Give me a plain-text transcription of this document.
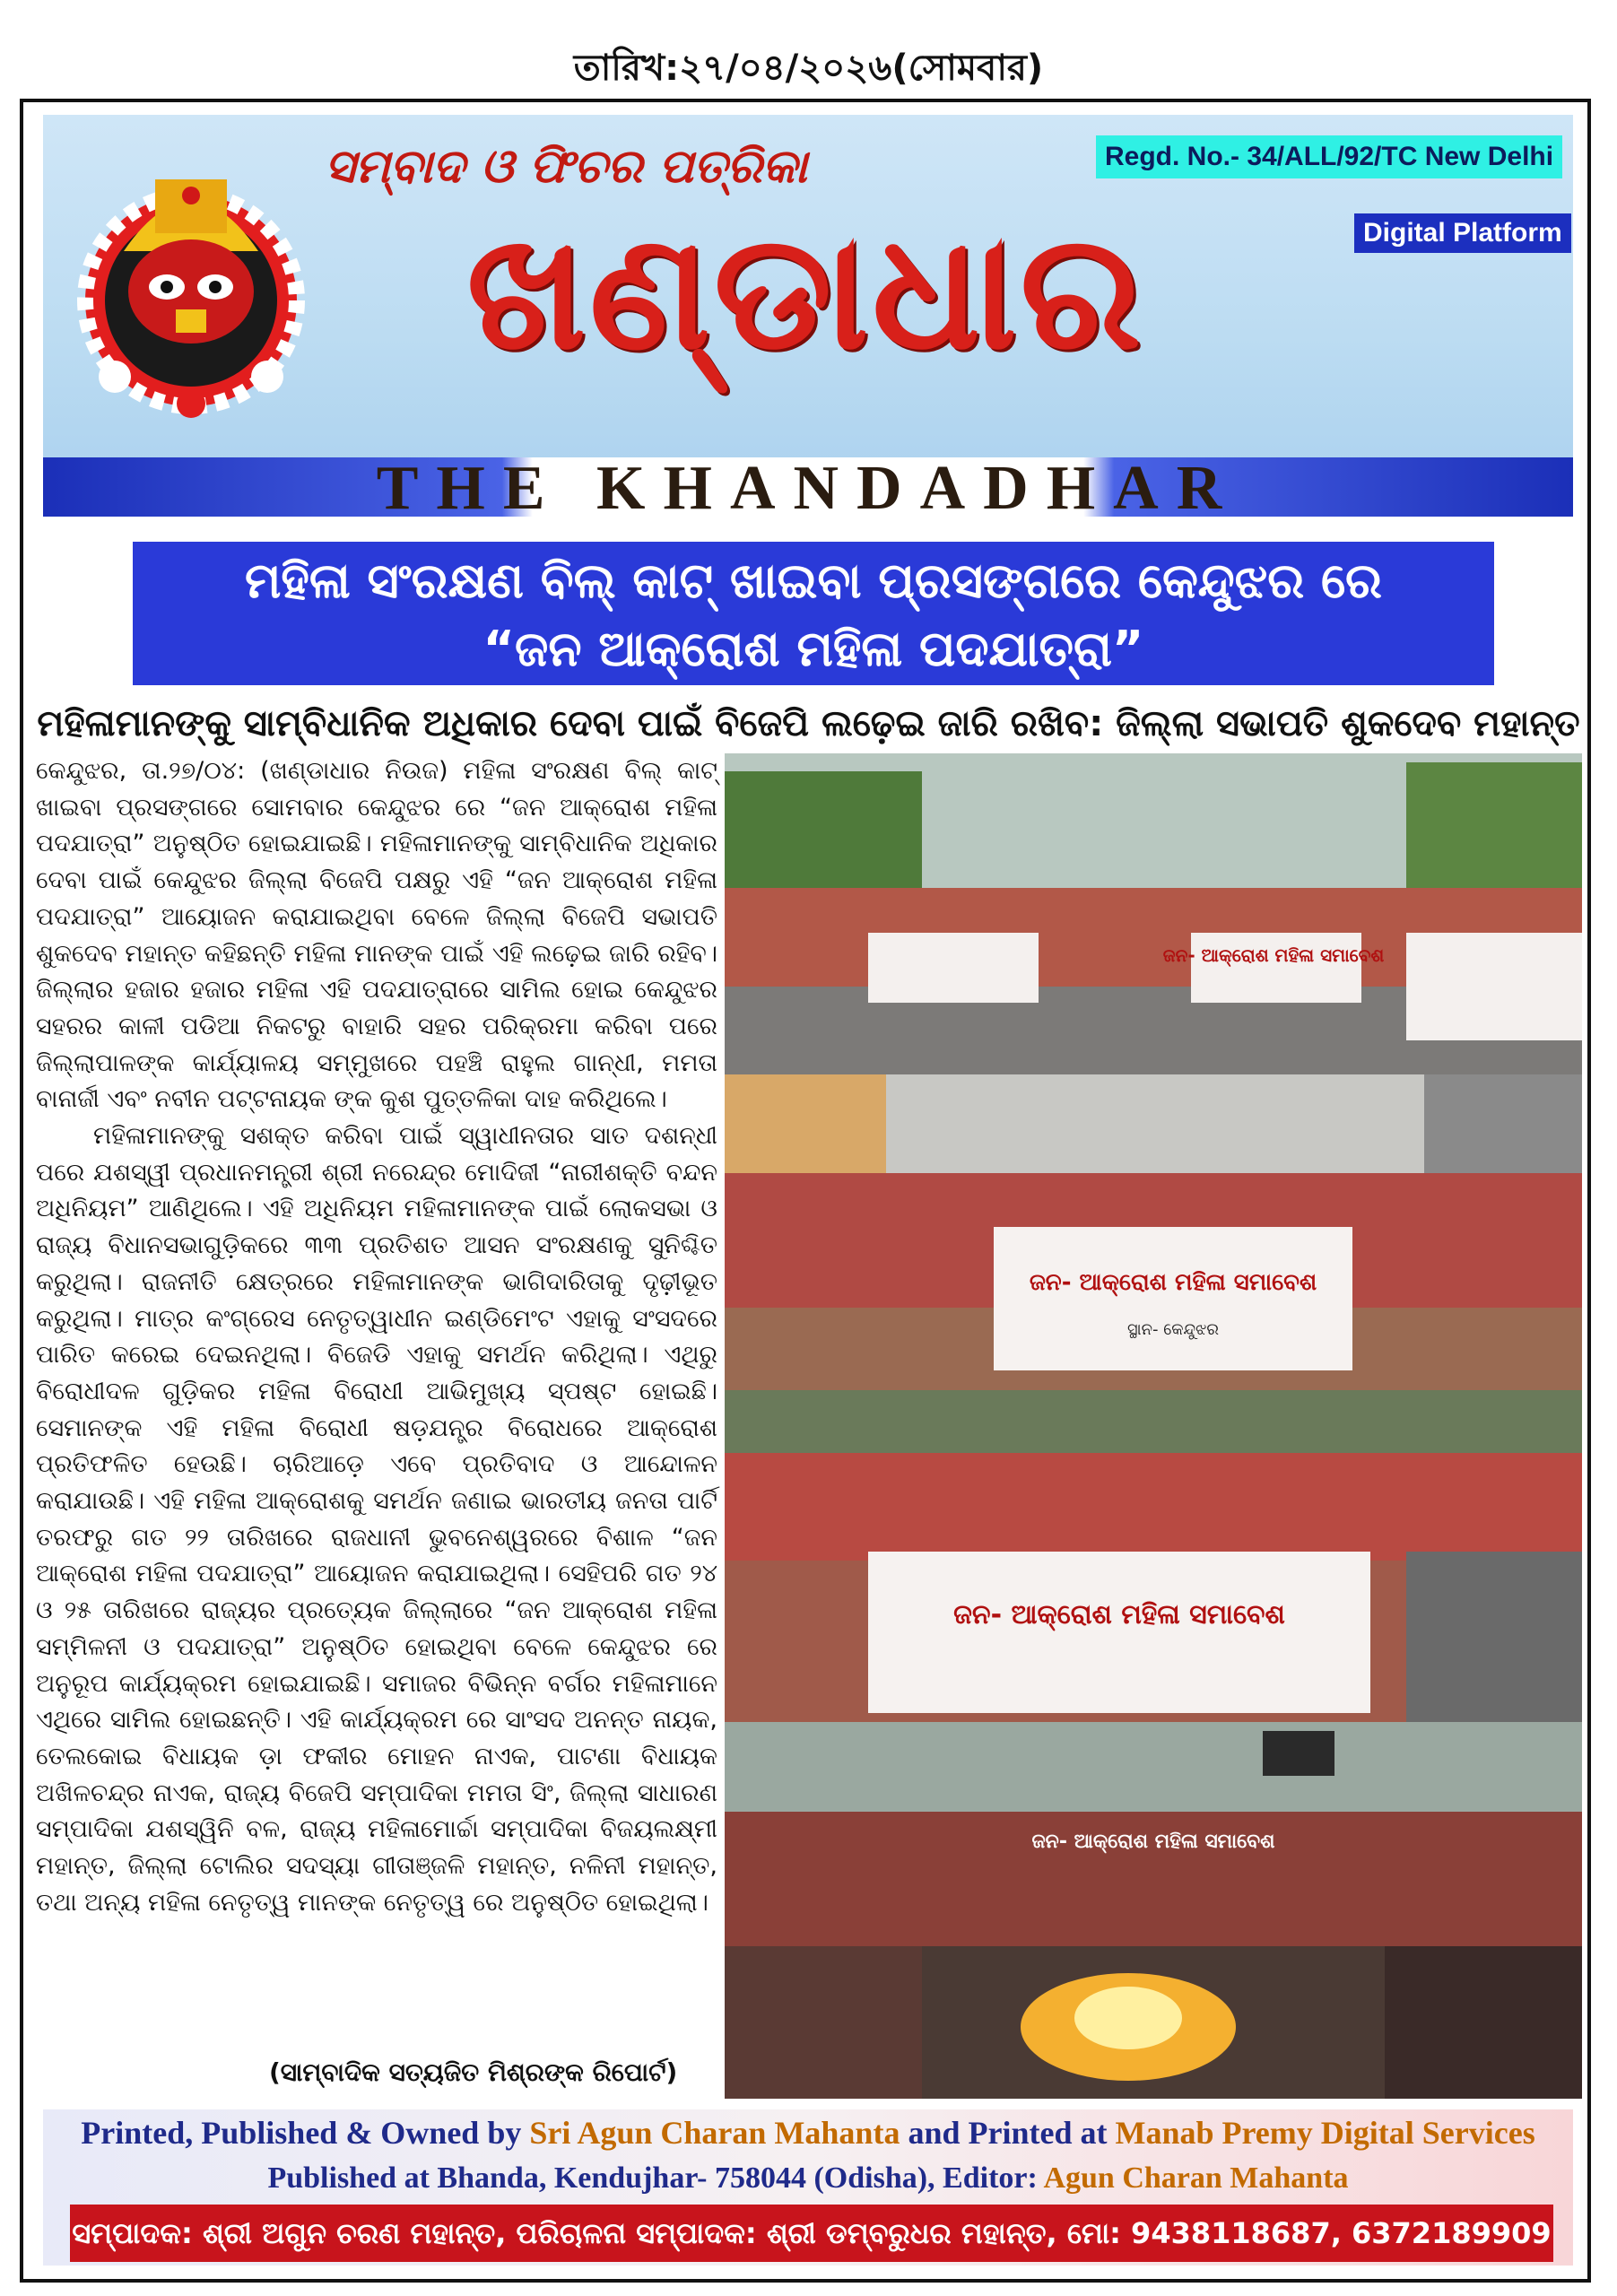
তারিখ:২৭/০৪/২০২৬(সোমবার)
ସମ୍ବାଦ ଓ ଫିଚର ପତ୍ରିକା
ଖଣ୍ଡାଧାର
Regd. No.- 34/ALL/92/TC New Delhi
Digital Platform
THE KHANDADHAR
ମହିଳା ସଂରକ୍ଷଣ ବିଲ୍ କାଟ୍ ଖାଇବା ପ୍ରସଙ୍ଗରେ କେନ୍ଦୁଝର ରେ
“ଜନ ଆକ୍ରୋଶ ମହିଳା ପଦଯାତ୍ରା”
ମହିଳାମାନଙ୍କୁ ସାମ୍ବିଧାନିକ ଅଧିକାର ଦେବା ପାଇଁ ବିଜେପି ଲଢ଼େଇ ଜାରି ରଖିବ: ଜିଲ୍ଲା ସଭାପତି ଶୁକଦେବ ମହାନ୍ତ

କେନ୍ଦୁଝର, ତା.୨୭/୦୪: (ଖଣ୍ଡାଧାର ନିଉଜ) ମହିଳା ସଂରକ୍ଷଣ ବିଲ୍ କାଟ୍ ଖାଇବା ପ୍ରସଙ୍ଗରେ ସୋମବାର କେନ୍ଦୁଝର ରେ “ଜନ ଆକ୍ରୋଶ ମହିଳା ପଦଯାତ୍ରା” ଅନୁଷ୍ଠିତ ହୋଇଯାଇଛି। ମହିଳାମାନଙ୍କୁ ସାମ୍ବିଧାନିକ ଅଧିକାର ଦେବା ପାଇଁ କେନ୍ଦୁଝର ଜିଲ୍ଲା ବିଜେପି ପକ୍ଷରୁ ଏହି “ଜନ ଆକ୍ରୋଶ ମହିଳା ପଦଯାତ୍ରା” ଆୟୋଜନ କରାଯାଇଥିବା ବେଳେ ଜିଲ୍ଲା ବିଜେପି ସଭାପତି ଶୁକଦେବ ମହାନ୍ତ କହିଛନ୍ତି ମହିଳା ମାନଙ୍କ ପାଇଁ ଏହି ଲଢ଼େଇ ଜାରି ରହିବ। ଜିଲ୍ଲାର ହଜାର ହଜାର ମହିଳା ଏହି ପଦଯାତ୍ରାରେ ସାମିଲ ହୋଇ କେନ୍ଦୁଝର ସହରର କାଳୀ ପଡିଆ ନିକଟରୁ ବାହାରି ସହର ପରିକ୍ରମା କରିବା ପରେ ଜିଲ୍ଲାପାଳଙ୍କ କାର୍ଯ୍ୟାଳୟ ସମ୍ମୁଖରେ ପହଞ୍ଚି ରାହୁଲ ଗାନ୍ଧୀ, ମମତା ବାନାର୍ଜୀ ଏବଂ ନବୀନ ପଟ୍ଟନାୟକ ଙ୍କ କୁଶ ପୁତ୍ତଳିକା ଦାହ କରିଥିଲେ।

ମହିଳାମାନଙ୍କୁ ସଶକ୍ତ କରିବା ପାଇଁ ସ୍ୱାଧୀନତାର ସାତ ଦଶନ୍ଧୀ ପରେ ଯଶସ୍ୱୀ ପ୍ରଧାନମନ୍ତ୍ରୀ ଶ୍ରୀ ନରେନ୍ଦ୍ର ମୋଦିଜୀ “ନାରୀଶକ୍ତି ବନ୍ଦନ ଅଧିନିୟମ” ଆଣିଥିଲେ। ଏହି ଅଧିନିୟମ ମହିଳାମାନଙ୍କ ପାଇଁ ଲୋକସଭା ଓ ରାଜ୍ୟ ବିଧାନସଭାଗୁଡ଼ିକରେ ୩୩ ପ୍ରତିଶତ ଆସନ ସଂରକ୍ଷଣକୁ ସୁନିଶ୍ଚିତ କରୁଥିଲା। ରାଜନୀତି କ୍ଷେତ୍ରରେ ମହିଳାମାନଙ୍କ ଭାଗିଦାରିତାକୁ ଦୃଢ଼ୀଭୂତ କରୁଥିଲା। ମାତ୍ର କଂଗ୍ରେସ ନେତୃତ୍ୱାଧୀନ ଇଣ୍ଡିମେଂଟ ଏହାକୁ ସଂସଦରେ ପାରିତ କରେଇ ଦେଇନଥିଲା। ବିଜେଡି ଏହାକୁ ସମର୍ଥନ କରିଥିଲା। ଏଥିରୁ ବିରୋଧୀଦଳ ଗୁଡ଼ିକର ମହିଳା ବିରୋଧୀ ଆଭିମୁଖ୍ୟ ସ୍ପଷ୍ଟ ହୋଇଛି। ସେମାନଙ୍କ ଏହି ମହିଳା ବିରୋଧୀ ଷଡ଼ଯନ୍ତ୍ର ବିରୋଧରେ ଆକ୍ରୋଶ ପ୍ରତିଫଳିତ ହେଉଛି। ଚାରିଆଡ଼େ ଏବେ ପ୍ରତିବାଦ ଓ ଆନ୍ଦୋଳନ କରାଯାଉଛି। ଏହି ମହିଳା ଆକ୍ରୋଶକୁ ସମର୍ଥନ ଜଣାଇ ଭାରତୀୟ ଜନତା ପାର୍ଟି ତରଫରୁ ଗତ ୨୨ ତାରିଖରେ ରାଜଧାନୀ ଭୁବନେଶ୍ୱରରେ ବିଶାଳ “ଜନ ଆକ୍ରୋଶ ମହିଳା ପଦଯାତ୍ରା” ଆୟୋଜନ କରାଯାଇଥିଲା। ସେହିପରି ଗତ ୨୪ ଓ ୨୫ ତାରିଖରେ ରାଜ୍ୟର ପ୍ରତ୍ୟେକ ଜିଲ୍ଲାରେ “ଜନ ଆକ୍ରୋଶ ମହିଳା ସମ୍ମିଳନୀ ଓ ପଦଯାତ୍ରା” ଅନୁଷ୍ଠିତ ହୋଇଥିବା ବେଳେ କେନ୍ଦୁଝର ରେ ଅନୁରୂପ କାର୍ଯ୍ୟକ୍ରମ ହୋଇଯାଇଛି। ସମାଜର ବିଭିନ୍ନ ବର୍ଗର ମହିଳାମାନେ ଏଥିରେ ସାମିଲ ହୋଇଛନ୍ତି। ଏହି କାର୍ଯ୍ୟକ୍ରମ ରେ ସାଂସଦ ଅନନ୍ତ ନାୟକ, ତେଲକୋଇ ବିଧାୟକ ଡ଼ା ଫକୀର ମୋହନ ନାଏକ, ପାଟଣା ବିଧାୟକ ଅଖିଳଚନ୍ଦ୍ର ନାଏକ, ରାଜ୍ୟ ବିଜେପି ସମ୍ପାଦିକା ମମତା ସିଂ, ଜିଲ୍ଲା ସାଧାରଣ ସମ୍ପାଦିକା ଯଶସ୍ୱିନି ବଳ, ରାଜ୍ୟ ମହିଳାମୋର୍ଚ୍ଚା ସମ୍ପାଦିକା ବିଜୟଲକ୍ଷ୍ମୀ ମହାନ୍ତ, ଜିଲ୍ଲା ଟୋଲିର ସଦସ୍ୟା ଗୀତାଞ୍ଜଳି ମହାନ୍ତ, ନଳିନୀ ମହାନ୍ତ, ତଥା ଅନ୍ୟ ମହିଳା ନେତୃତ୍ୱ ମାନଙ୍କ ନେତୃତ୍ୱ ରେ ଅନୁଷ୍ଠିତ ହୋଇଥିଲା।

(ସାମ୍ବାଦିକ ସତ୍ୟଜିତ ମିଶ୍ରଙ୍କ ରିପୋର୍ଟ)
ଜନ- ଆକ୍ରୋଶ ମହିଳା ସମାବେଶ
ଜନ- ଆକ୍ରୋଶ ମହିଳା ସମାବେଶ
ସ୍ଥାନ- କେନ୍ଦୁଝର
ଜନ- ଆକ୍ରୋଶ ମହିଳା ସମାବେଶ
ଜନ- ଆକ୍ରୋଶ ମହିଳା ସମାବେଶ
Printed, Published & Owned by Sri Agun Charan Mahanta and Printed at Manab Premy Digital Services
Published at Bhanda, Kendujhar- 758044 (Odisha), Editor: Agun Charan Mahanta
ସମ୍ପାଦକ: ଶ୍ରୀ ଅଗୁନ ଚରଣ ମହାନ୍ତ, ପରିଚାଳନା ସମ୍ପାଦକ: ଶ୍ରୀ ଡମ୍ବରୁଧର ମହାନ୍ତ, ମୋ: 9438118687, 6372189909
